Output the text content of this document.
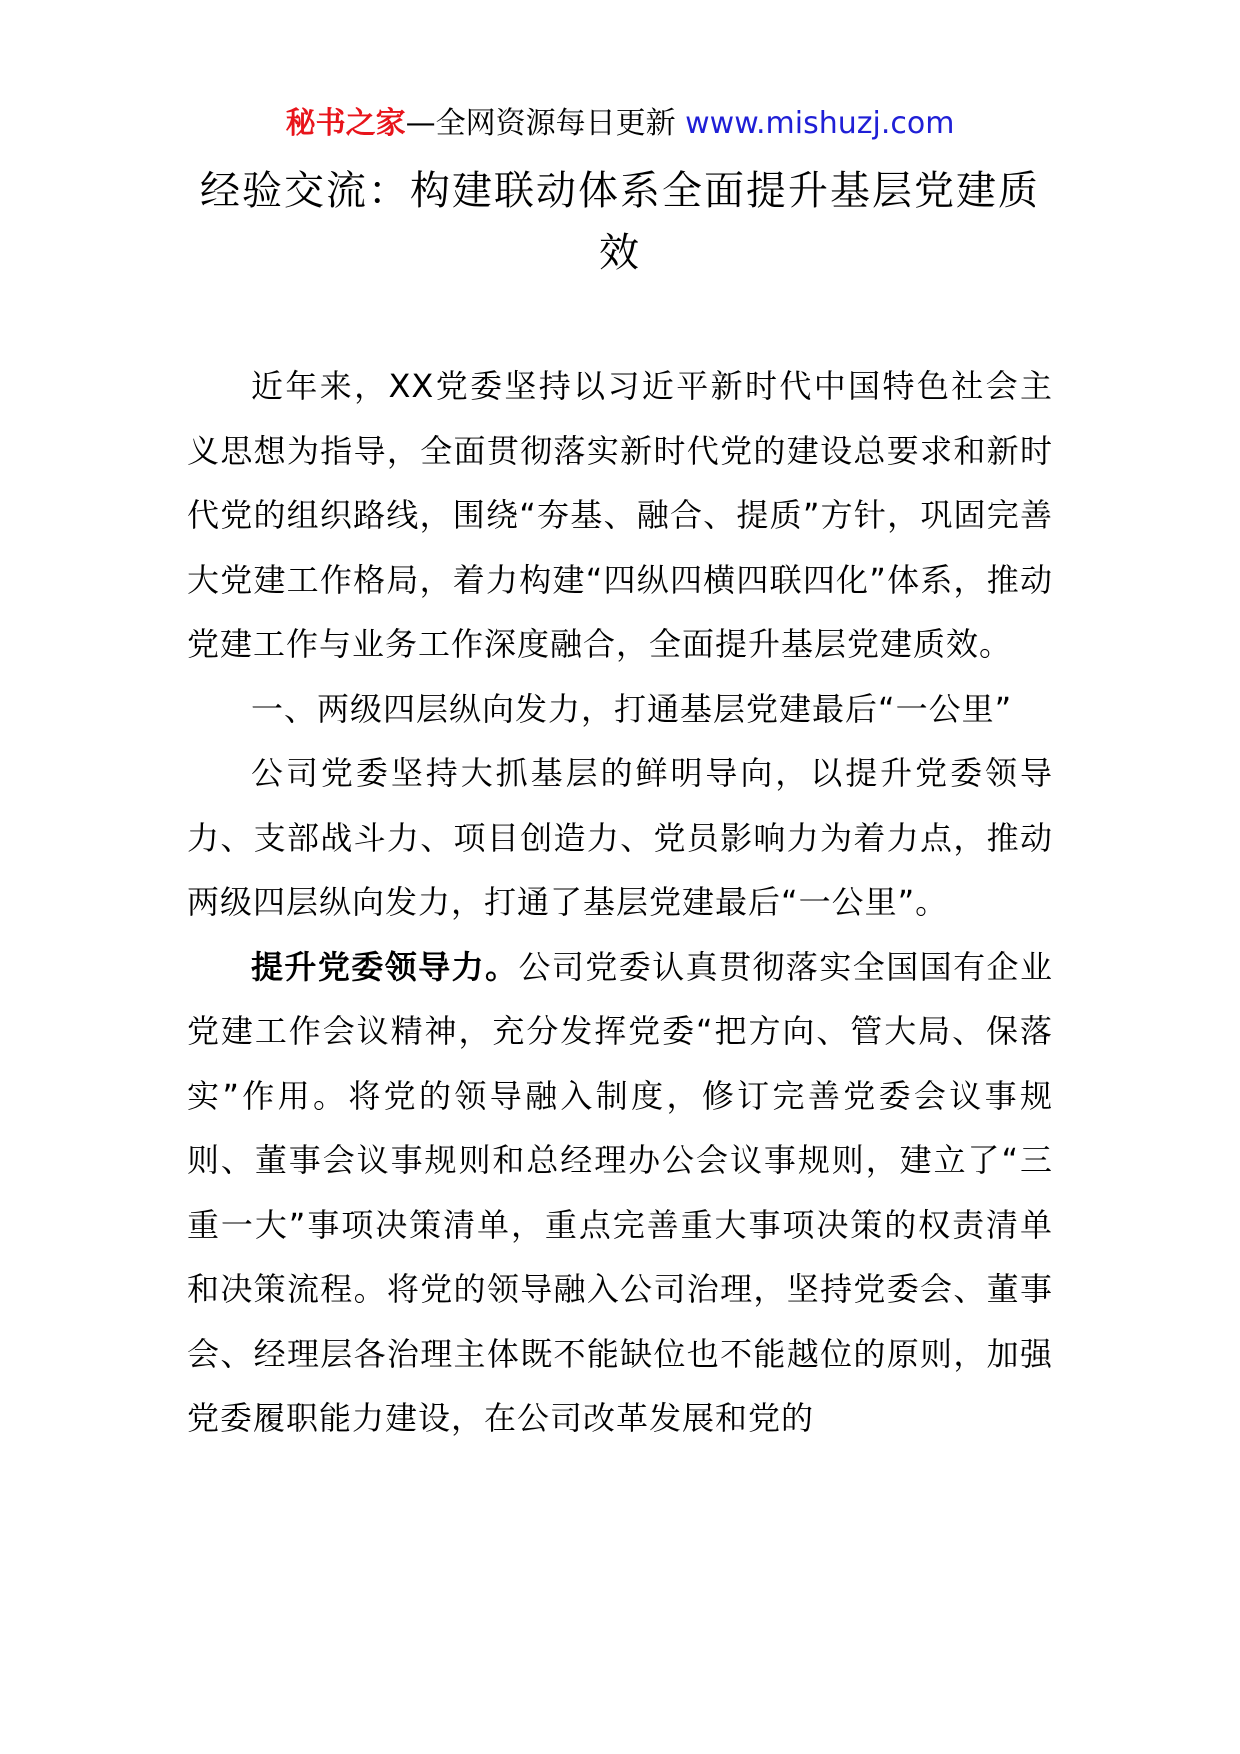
秘书之家—全网资源每日更新 www.mishuzj.com
经验交流：构建联动体系全面提升基层党建质效

近年来，XX党委坚持以习近平新时代中国特色社会主义思想为指导，全面贯彻落实新时代党的建设总要求和新时代党的组织路线，围绕“夯基、融合、提质”方针，巩固完善大党建工作格局，着力构建“四纵四横四联四化”体系，推动党建工作与业务工作深度融合，全面提升基层党建质效。

一、两级四层纵向发力，打通基层党建最后“一公里”

公司党委坚持大抓基层的鲜明导向，以提升党委领导力、支部战斗力、项目创造力、党员影响力为着力点，推动两级四层纵向发力，打通了基层党建最后“一公里”。

提升党委领导力。公司党委认真贯彻落实全国国有企业党建工作会议精神，充分发挥党委“把方向、管大局、保落实”作用。将党的领导融入制度，修订完善党委会议事规则、董事会议事规则和总经理办公会议事规则，建立了“三重一大”事项决策清单，重点完善重大事项决策的权责清单和决策流程。将党的领导融入公司治理，坚持党委会、董事会、经理层各治理主体既不能缺位也不能越位的原则，加强党委履职能力建设，在公司改革发展和党的
